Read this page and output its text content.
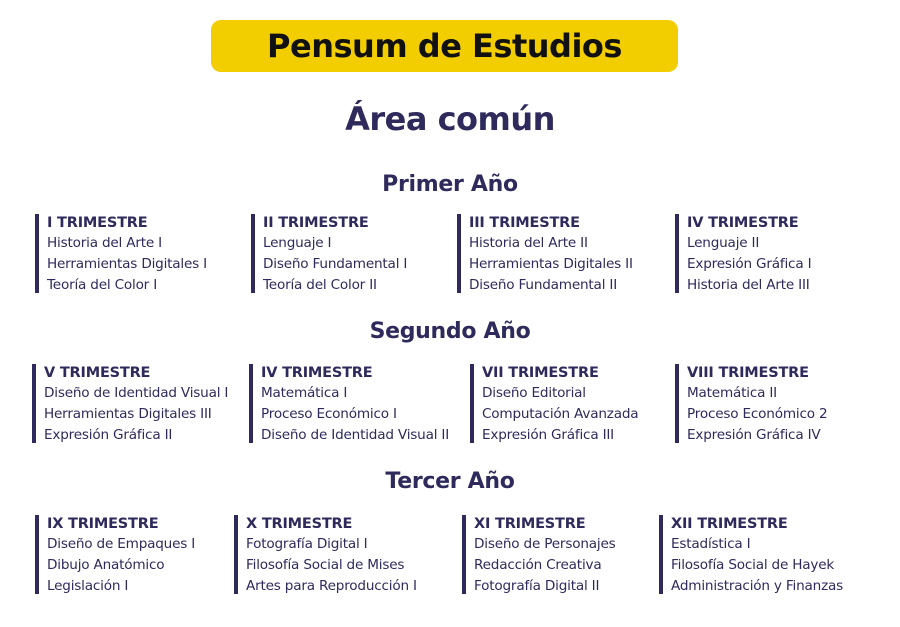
Pensum de Estudios
Área común
Primer Año
I TRIMESTRE
Historia del Arte I
Herramientas Digitales I
Teoría del Color I
II TRIMESTRE
Lenguaje I
Diseño Fundamental I
Teoría del Color II
III TRIMESTRE
Historia del Arte II
Herramientas Digitales II
Diseño Fundamental II
IV TRIMESTRE
Lenguaje II
Expresión Gráfica I
Historia del Arte III
Segundo Año
V TRIMESTRE
Diseño de Identidad Visual I
Herramientas Digitales III
Expresión Gráfica II
IV TRIMESTRE
Matemática I
Proceso Económico I
Diseño de Identidad Visual II
VII TRIMESTRE
Diseño Editorial
Computación Avanzada
Expresión Gráfica III
VIII TRIMESTRE
Matemática II
Proceso Económico 2
Expresión Gráfica IV
Tercer Año
IX TRIMESTRE
Diseño de Empaques I
Dibujo Anatómico
Legislación I
X TRIMESTRE
Fotografía Digital I
Filosofía Social de Mises
Artes para Reproducción I
XI TRIMESTRE
Diseño de Personajes
Redacción Creativa
Fotografía Digital II
XII TRIMESTRE
Estadística I
Filosofía Social de Hayek
Administración y Finanzas
